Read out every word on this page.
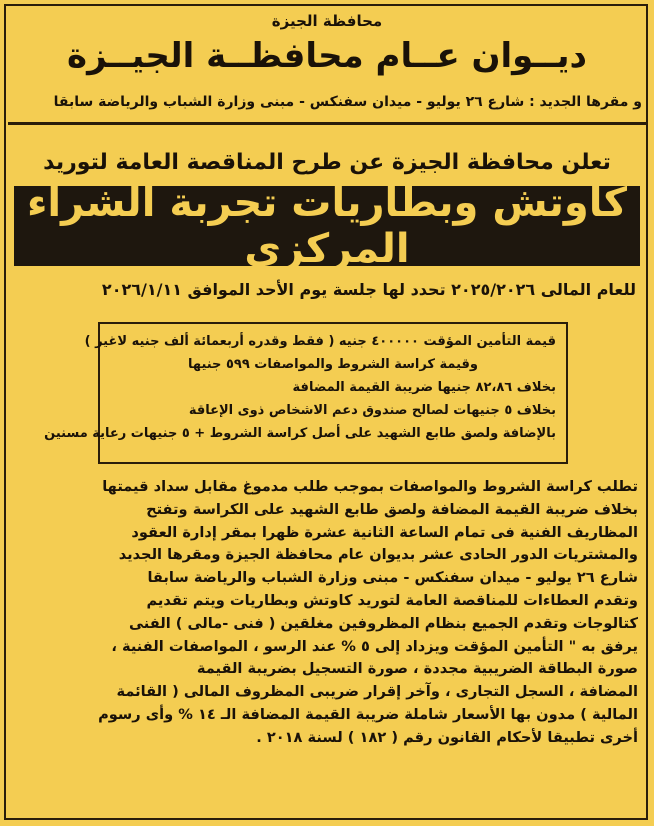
محافظة الجيزة
ديــوان عــام محافظــة الجيــزة
و مقرها الجديد : شارع ٢٦ يوليو - ميدان سفنكس - مبنى وزارة الشباب والرياضة سابقا
تعلن محافظة الجيزة عن طرح المناقصة العامة لتوريد
كاوتش وبطاريات تجربة الشراء المركزى
للعام المالى ٢٠٢٥/٢٠٢٦ تحدد لها جلسة يوم الأحد الموافق ٢٠٢٦/١/١١
قيمة التأمين المؤقت ٤٠٠٠٠٠ جنيه ( فقط وقدره أربعمائة ألف جنيه لاغير )
وقيمة كراسة الشروط والمواصفات ٥٩٩ جنيها
بخلاف ٨٢،٨٦ جنيها ضريبة القيمة المضافة
بخلاف ٥ جنيهات لصالح صندوق دعم الاشخاص ذوى الإعاقة
بالإضافة ولصق طابع الشهيد على أصل كراسة الشروط + ٥ جنيهات رعاية مسنين
تطلب كراسة الشروط والمواصفات بموجب طلب مدموغ مقابل سداد قيمتها
بخلاف ضريبة القيمة المضافة ولصق طابع الشهيد على الكراسة وتفتح
المظاريف الفنية فى تمام الساعة الثانية عشرة ظهرا بمقر إدارة العقود
والمشتريات الدور الحادى عشر بديوان عام محافظة الجيزة ومقرها الجديد
شارع ٢٦ يوليو - ميدان سفنكس - مبنى وزارة الشباب والرياضة سابقا
وتقدم العطاءات للمناقصة العامة لتوريد كاوتش وبطاريات ويتم تقديم
كتالوجات وتقدم الجميع بنظام المظروفين مغلقين ( فنى -مالى ) الفنى
يرفق به " التأمين المؤقت ويزداد إلى ٥ % عند الرسو ، المواصفات الفنية ،
صورة البطاقة الضريبية مجددة ، صورة التسجيل بضريبة القيمة
المضافة ، السجل التجارى ، وآخر إقرار ضريبى المظروف المالى ( القائمة
المالية ) مدون بها الأسعار شاملة ضريبة القيمة المضافة الـ ١٤ % وأى رسوم
أخرى تطبيقا لأحكام القانون رقم ( ١٨٢ ) لسنة ٢٠١٨ .
